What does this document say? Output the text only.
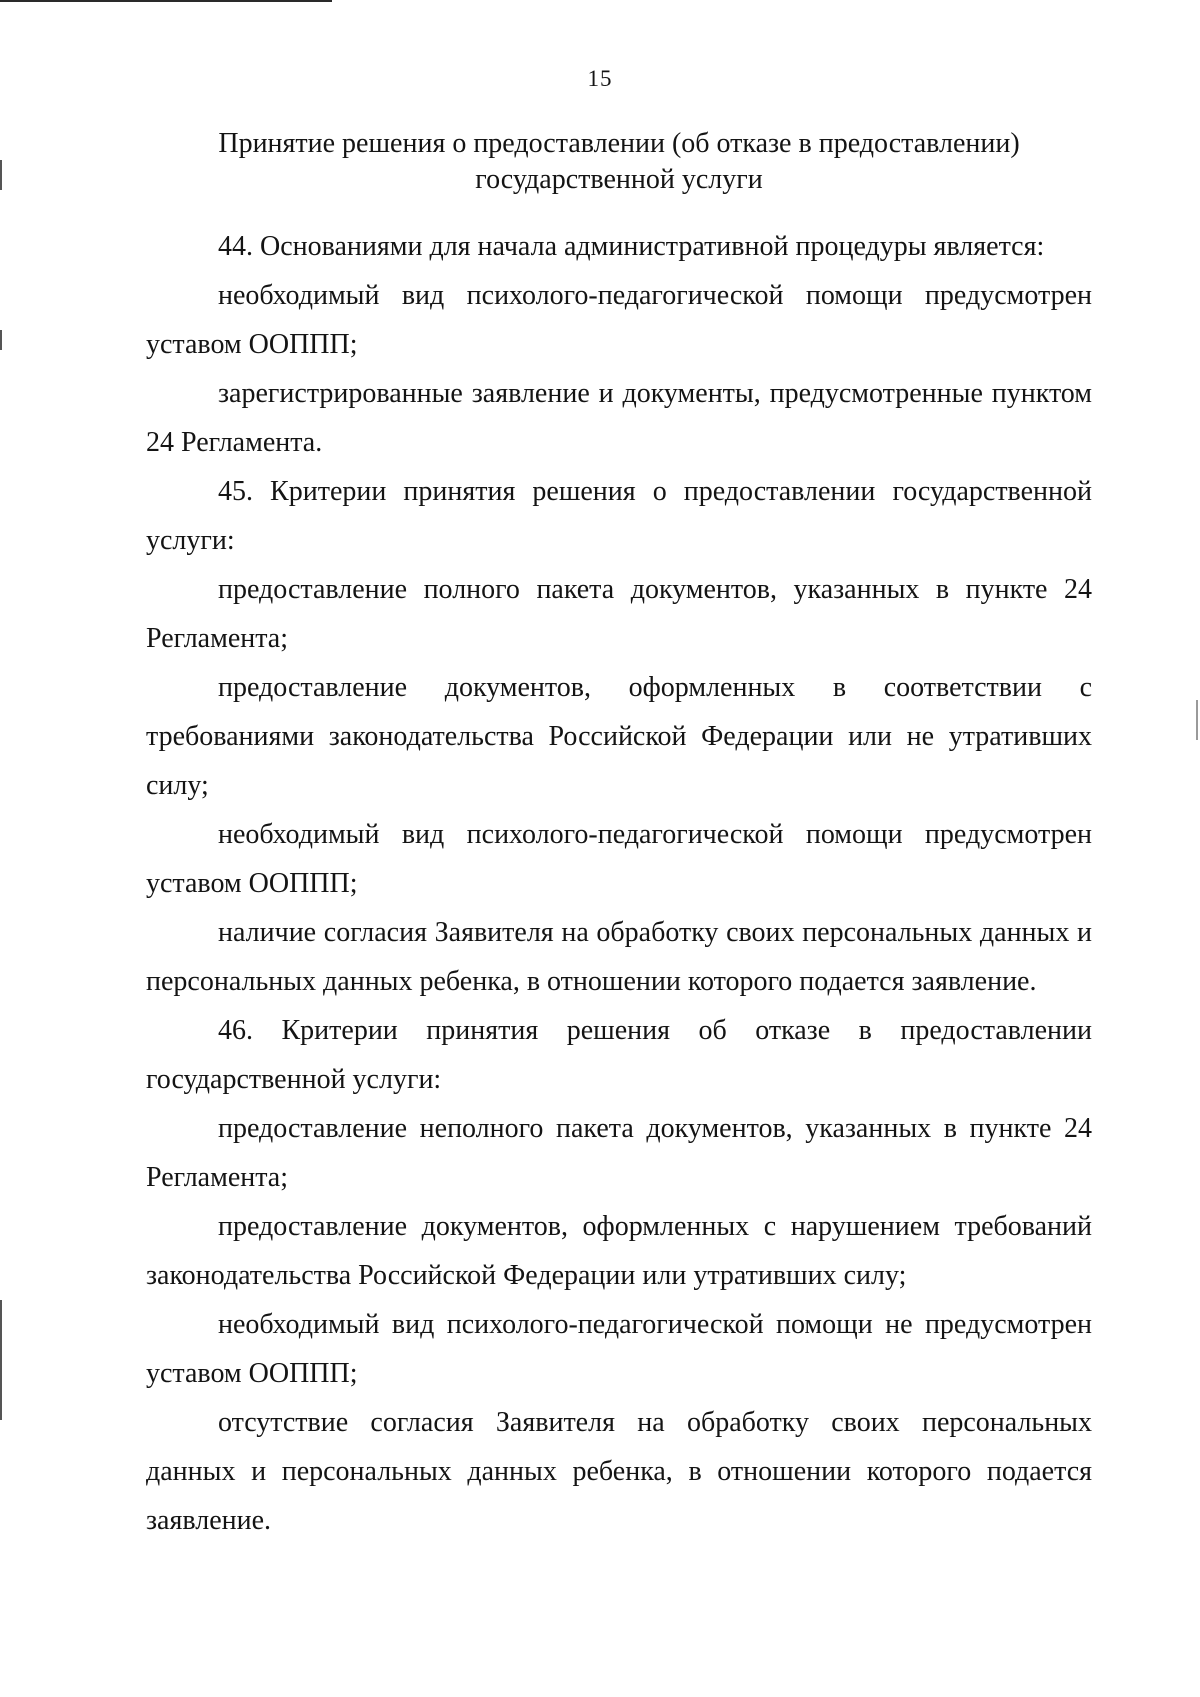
15
Принятие решения о предоставлении (об отказе в предоставлении)
государственной услуги

44. Основаниями для начала административной процедуры является:

необходимый вид психолого-педагогической помощи предусмотрен уставом ООППП;

зарегистрированные заявление и документы, предусмотренные пунктом 24 Регламента.

45. Критерии принятия решения о предоставлении государственной услуги:

предоставление полного пакета документов, указанных в пункте 24 Регламента;

предоставление документов, оформленных в соответствии с требованиями законодательства Российской Федерации или не утративших силу;

необходимый вид психолого-педагогической помощи предусмотрен уставом ООППП;

наличие согласия Заявителя на обработку своих персональных данных и персональных данных ребенка, в отношении которого подается заявление.

46. Критерии принятия решения об отказе в предоставлении государственной услуги:

предоставление неполного пакета документов, указанных в пункте 24 Регламента;

предоставление документов, оформленных с нарушением требований законодательства Российской Федерации или утративших силу;

необходимый вид психолого-педагогической помощи не предусмотрен уставом ООППП;

отсутствие согласия Заявителя на обработку своих персональных данных и персональных данных ребенка, в отношении которого подается заявление.
